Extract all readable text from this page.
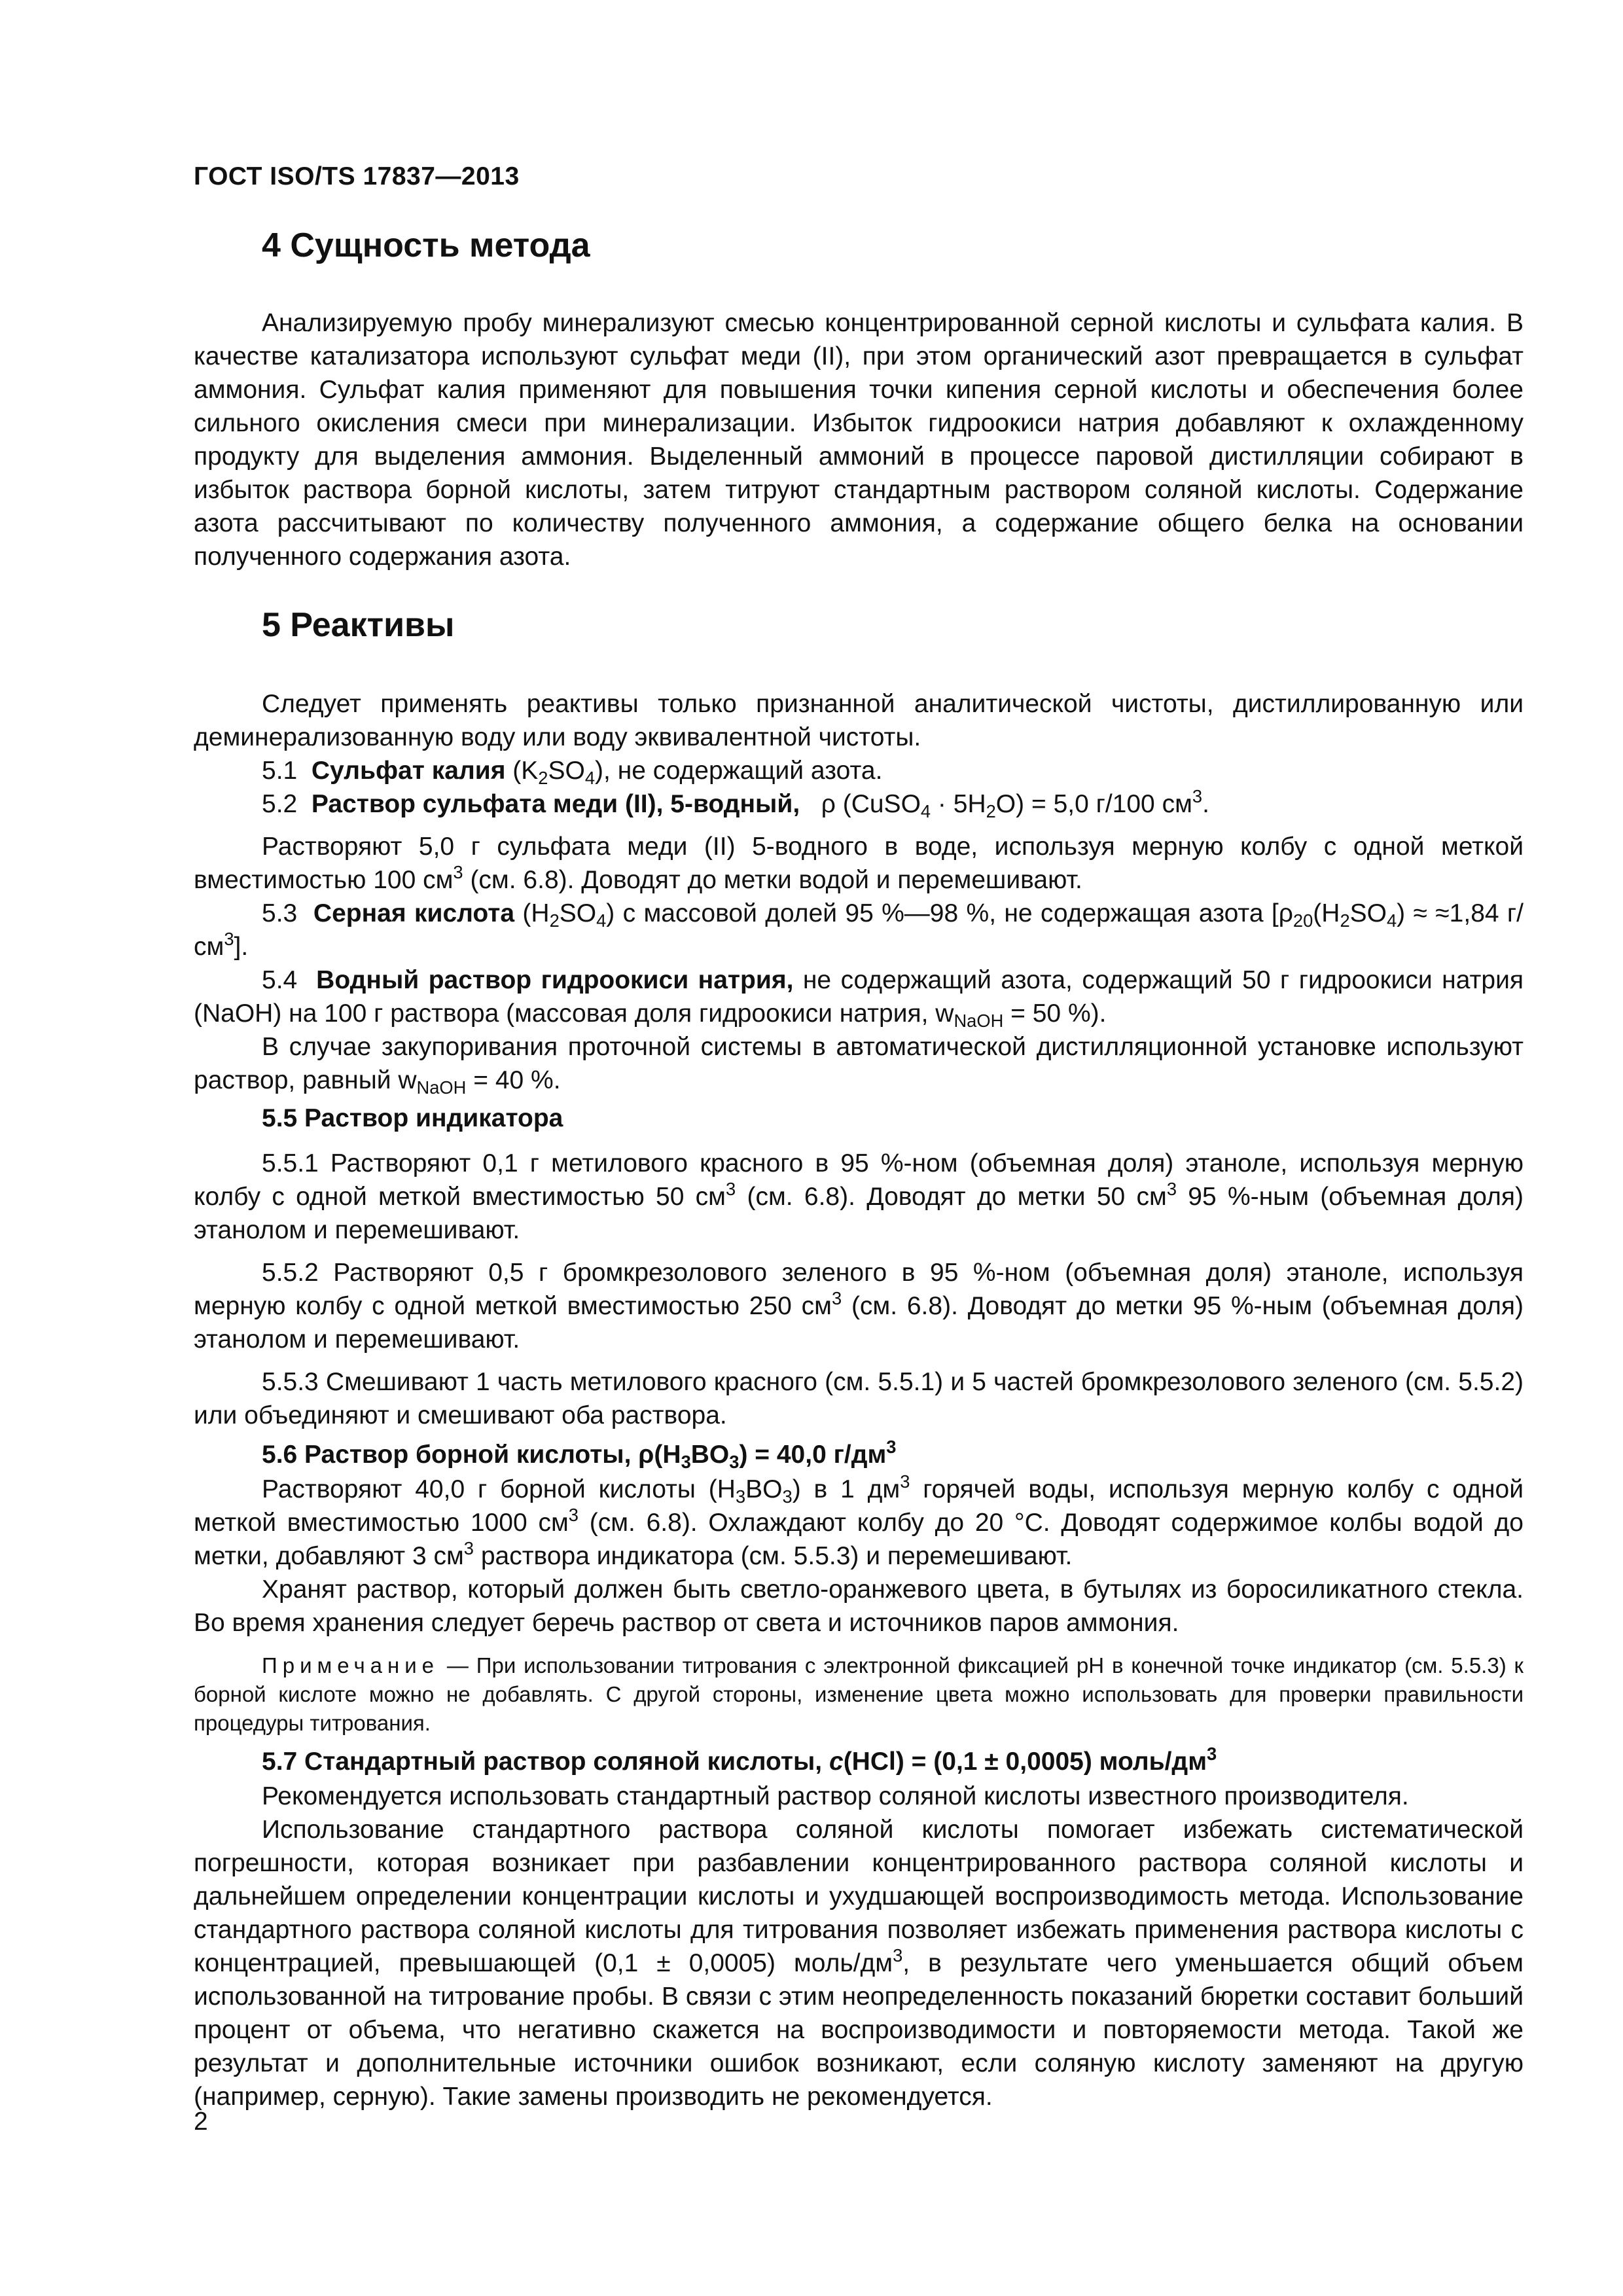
ГОСТ ISO/TS 17837—2013
4 Сущность метода

Анализируемую пробу минерализуют смесью концентрированной серной кислоты и сульфата калия. В качестве катализатора используют сульфат меди (II), при этом органический азот превращается в сульфат аммония. Сульфат калия применяют для повышения точки кипения серной кислоты и обеспечения более сильного окисления смеси при минерализации. Избыток гидроокиси натрия добавляют к охлажденному продукту для выделения аммония. Выделенный аммоний в процессе паровой дистилляции собирают в избыток раствора борной кислоты, затем титруют стандартным раствором соляной кислоты. Содержание азота рассчитывают по количеству полученного аммония, а содержание общего белка на основании полученного содержания азота.

5 Реактивы

Следует применять реактивы только признанной аналитической чистоты, дистиллированную или деминерализованную воду или воду эквивалентной чистоты.

5.1 Сульфат калия $(K_2SO_4)$, не содержащий азота.

5.2 Раствор сульфата меди (II), 5-водный, ρ (CuSO$_4$ · $5H_2O) = 5,0$ г/100 $см^3$.

Растворяют 5,0 г сульфата меди (II) 5-водного в воде, используя мерную колбу с одной меткой вместимостью 100 $см^3$ (см. 6.8). Доводят до метки водой и перемешивают.

5.3 Серная кислота $(H_2SO_4)$ с массовой долей 95 %—98 %, не содержащая азота [$\rho_{20}(H_2SO_4) \approx \approx 1,84$ $г/см^3$].

5.4 Водный раствор гидроокиси натрия, не содержащий азота, содержащий 50 г гидроокиси натрия (NaOH) на 100 г раствора (массовая доля гидроокиси натрия, $w_{NaOH} = 50$ %).

В случае закупоривания проточной системы в автоматической дистилляционной установке используют раствор, равный $w_{NaOH} = 40$ %.

5.5 Раствор индикатора

5.5.1 Растворяют 0,1 г метилового красного в 95 %-ном (объемная доля) этаноле, используя мерную колбу с одной меткой вместимостью 50 $см^3$ (см. 6.8). Доводят до метки 50 $см^3$ 95 %-ным (объемная доля) этанолом и перемешивают.

5.5.2 Растворяют 0,5 г бромкрезолового зеленого в 95 %-ном (объемная доля) этаноле, используя мерную колбу с одной меткой вместимостью 250 $см^3$ (см. 6.8). Доводят до метки 95 %-ным (объемная доля) этанолом и перемешивают.

5.5.3 Смешивают 1 часть метилового красного (см. 5.5.1) и 5 частей бромкрезолового зеленого (см. 5.5.2) или объединяют и смешивают оба раствора.

5.6 Раствор борной кислоты, $\rho(H_3BO_3) = 40,0$ $г/дм^3$

Растворяют 40,0 г борной кислоты $(H_3BO_3)$ в 1 $дм^3$ горячей воды, используя мерную колбу с одной меткой вместимостью 1000 $см^3$ (см. 6.8). Охлаждают колбу до 20 °С. Доводят содержимое колбы водой до метки, добавляют 3 $см^3$ раствора индикатора (см. 5.5.3) и перемешивают.

Хранят раствор, который должен быть светло-оранжевого цвета, в бутылях из боросиликатного стекла. Во время хранения следует беречь раствор от света и источников паров аммония.

Примечание — При использовании титрования с электронной фиксацией pH в конечной точке индикатор (см. 5.5.3) к борной кислоте можно не добавлять. С другой стороны, изменение цвета можно использовать для проверки правильности процедуры титрования.

5.7 Стандартный раствор соляной кислоты, c(HCl) = (0,1 ± 0,0005) моль/$дм^3$

Рекомендуется использовать стандартный раствор соляной кислоты известного производителя.

Использование стандартного раствора соляной кислоты помогает избежать систематической погрешности, которая возникает при разбавлении концентрированного раствора соляной кислоты и дальнейшем определении концентрации кислоты и ухудшающей воспроизводимость метода. Использование стандартного раствора соляной кислоты для титрования позволяет избежать применения раствора кислоты с концентрацией, превышающей (0,1 ± 0,0005) моль/$дм^3$, в результате чего уменьшается общий объем использованной на титрование пробы. В связи с этим неопределенность показаний бюретки составит больший процент от объема, что негативно скажется на воспроизводимости и повторяемости метода. Такой же результат и дополнительные источники ошибок возникают, если соляную кислоту заменяют на другую (например, серную). Такие замены производить не рекомендуется.

2
